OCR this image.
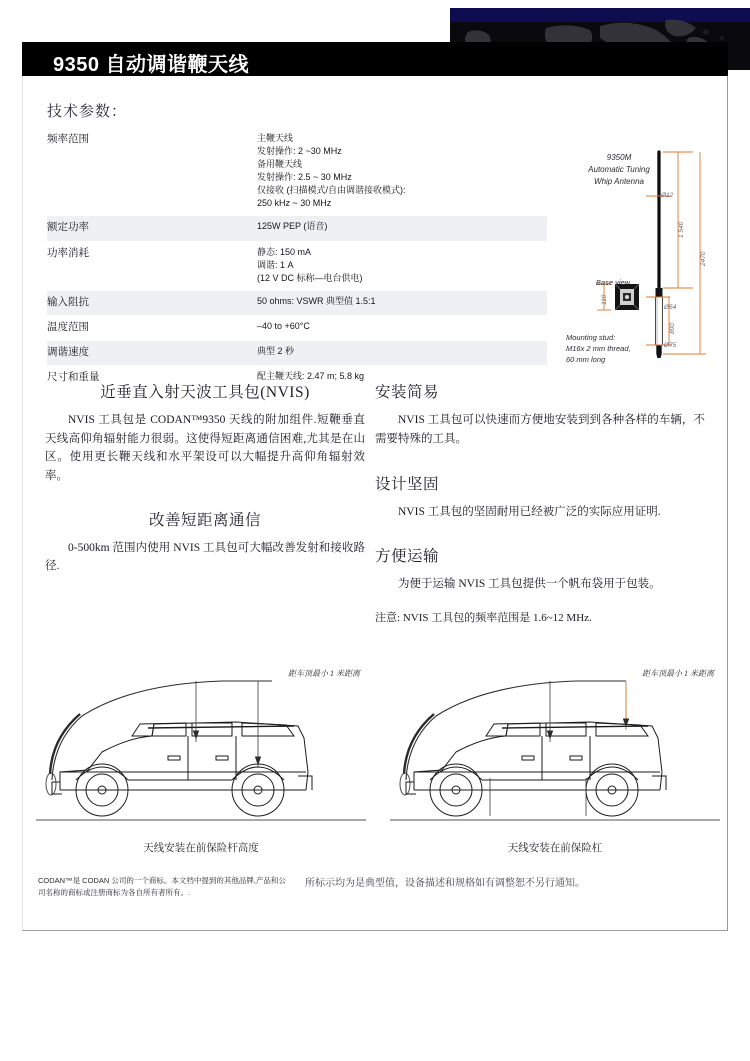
9350 自动调谐鞭天线
技术参数：
频率范围	主鞭天线
发射操作: 2 ~30 MHz
备用鞭天线
发射操作: 2.5 ~ 30 MHz
仅接收 (扫描模式/自由调谐接收模式):
250 kHz ~ 30 MHz

额定功率	125W PEP (语音)

功率消耗	静态: 150 mA
调谐: 1 A
(12 V DC 标称—电台供电)

输入阻抗	50 ohms: VSWR 典型值 1.5:1

温度范围	–40 to +60°C

调谐速度	典型 2 秒

尺寸和重量	配主鞭天线: 2.47 m; 5.8 kg
9350M
Automatic Tuning
Whip Antenna
Ø12
1 540
2470
Ø54
800
Ø75
110
Base view
Mounting stud:
M16x 2 mm thread,
60 mm long
近垂直入射天波工具包(NVIS)

NVIS 工具包是 CODAN™9350 天线的附加组件.短鞭垂直天线高仰角辐射能力很弱。这使得短距离通信困难,尤其是在山区。使用更长鞭天线和水平架设可以大幅提升高仰角辐射效率。

改善短距离通信

0-500km 范围内使用 NVIS 工具包可大幅改善发射和接收路径.

安装简易

NVIS 工具包可以快速而方便地安装到到各种各样的车辆，不需要特殊的工具。

设计坚固

NVIS 工具包的坚固耐用已经被广泛的实际应用证明.

方便运输

为便于运输 NVIS 工具包提供一个帆布袋用于包装。

注意: NVIS 工具包的频率范围是 1.6~12 MHz.

距车顶最小 1 米距离
天线安装在前保险杆高度
距车顶最小 1 米距离
天线安装在前保险杠
CODAN™是 CODAN 公司的一个商标。本文档中提到的其他品牌,产品和公司名称的商标或注册商标为各自所有者所有。.
所标示均为是典型值，设备描述和规格如有调整恕不另行通知。
